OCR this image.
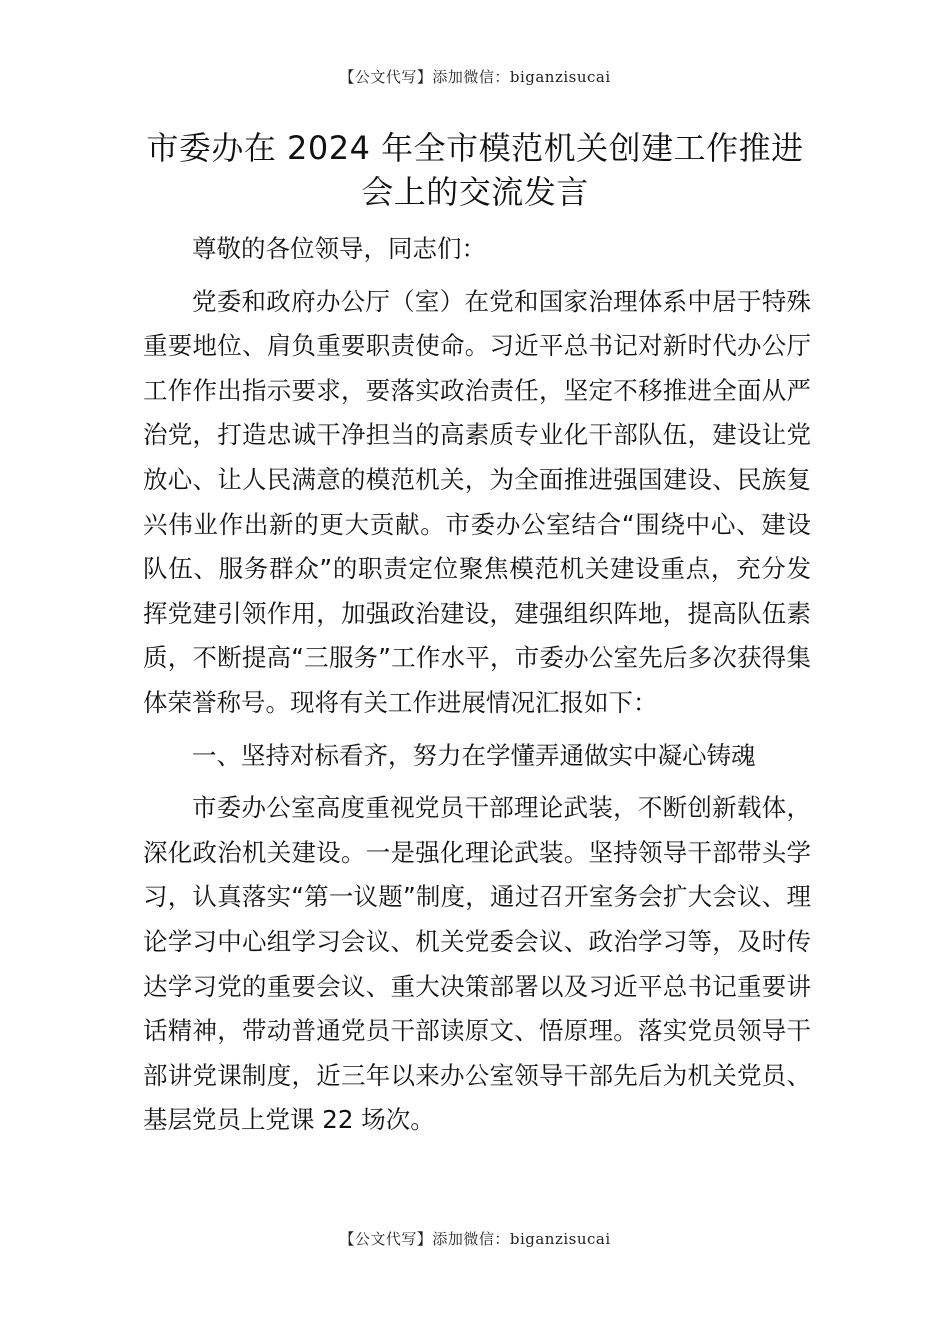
【公文代写】添加微信：biganzisucai
市委办在 2024 年全市模范机关创建工作推进
会上的交流发言

尊敬的各位领导，同志们：

党委和政府办公厅（室）在党和国家治理体系中居于特殊重要地位、肩负重要职责使命。习近平总书记对新时代办公厅工作作出指示要求，要落实政治责任，坚定不移推进全面从严治党，打造忠诚干净担当的高素质专业化干部队伍，建设让党放心、让人民满意的模范机关，为全面推进强国建设、民族复兴伟业作出新的更大贡献。市委办公室结合“围绕中心、建设队伍、服务群众”的职责定位聚焦模范机关建设重点，充分发挥党建引领作用，加强政治建设，建强组织阵地，提高队伍素质，不断提高“三服务”工作水平，市委办公室先后多次获得集体荣誉称号。现将有关工作进展情况汇报如下：

一、坚持对标看齐，努力在学懂弄通做实中凝心铸魂

市委办公室高度重视党员干部理论武装，不断创新载体，深化政治机关建设。一是强化理论武装。坚持领导干部带头学习，认真落实“第一议题”制度，通过召开室务会扩大会议、理论学习中心组学习会议、机关党委会议、政治学习等，及时传达学习党的重要会议、重大决策部署以及习近平总书记重要讲话精神，带动普通党员干部读原文、悟原理。落实党员领导干部讲党课制度，近三年以来办公室领导干部先后为机关党员、基层党员上党课 22 场次。

【公文代写】添加微信：biganzisucai
